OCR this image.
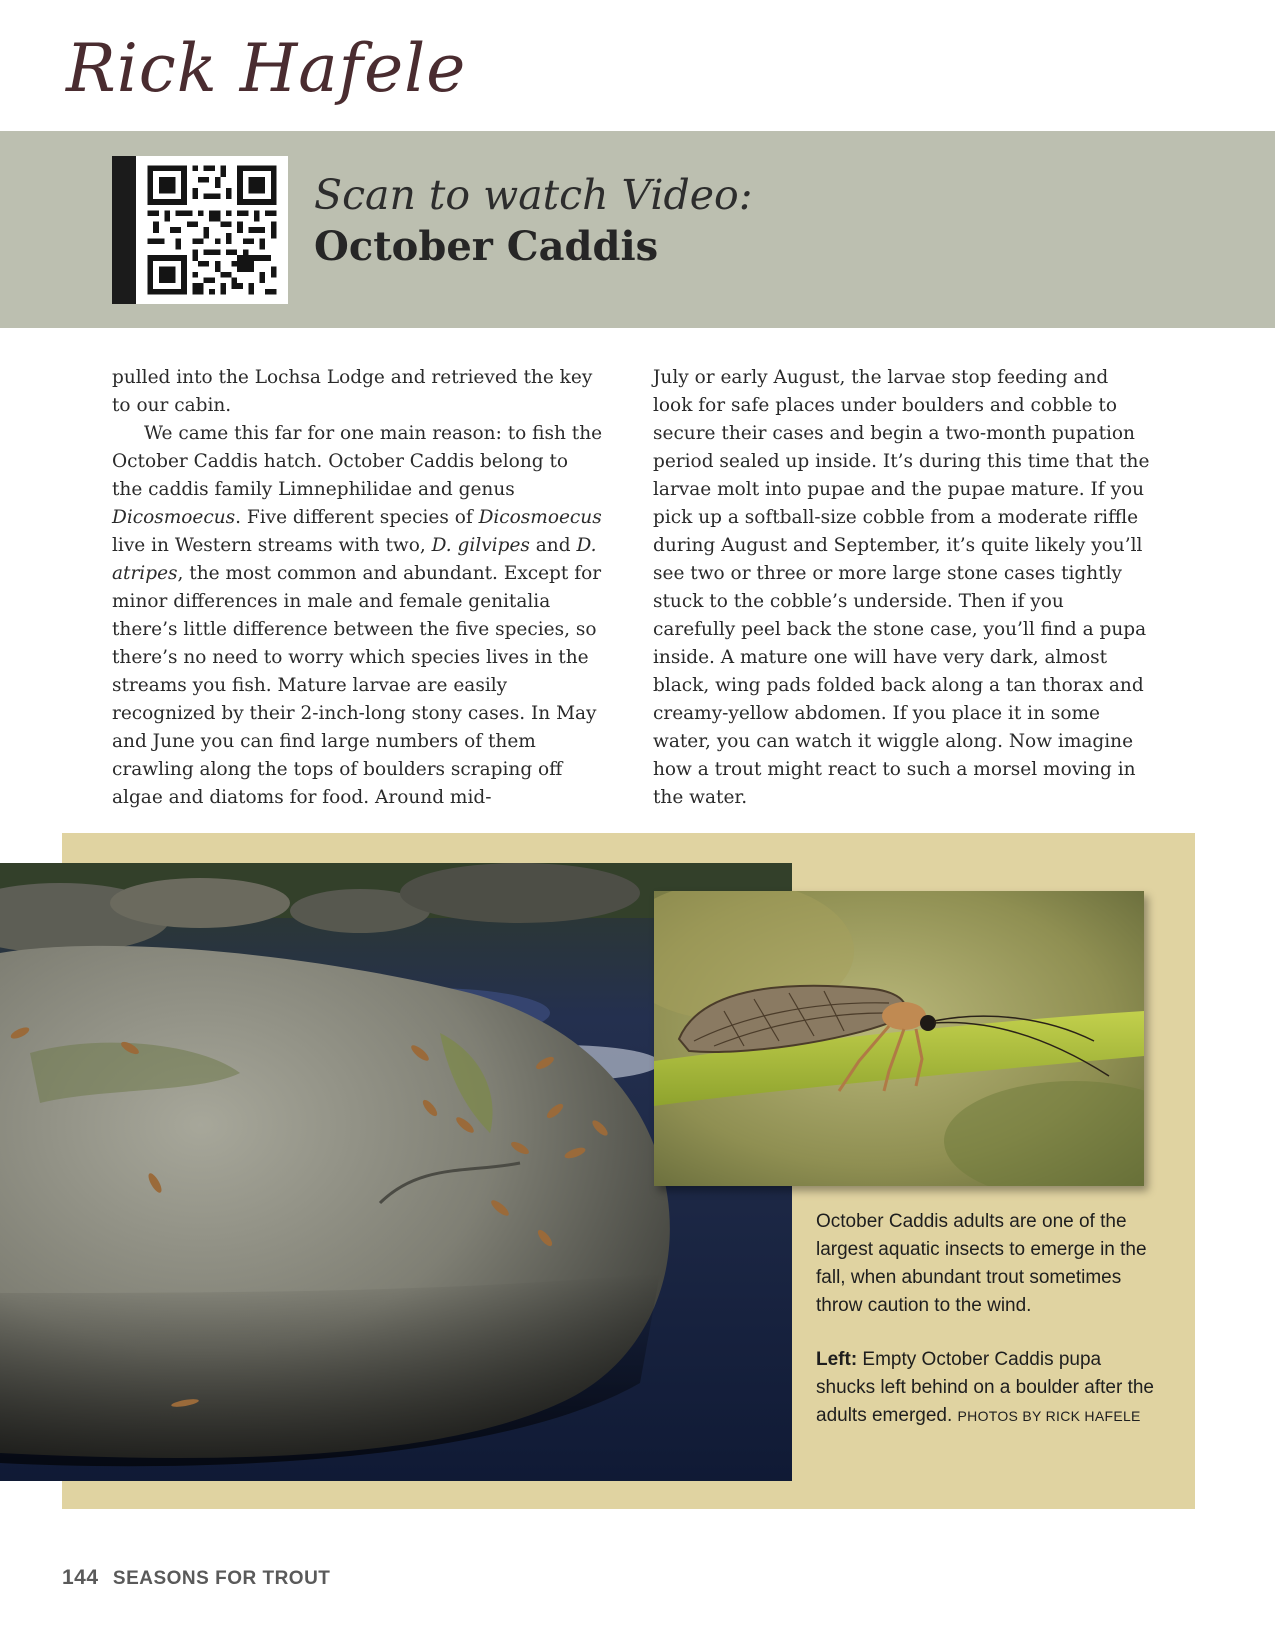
Rick Hafele

Scan to watch Video:

October Caddis

pulled into the Lochsa Lodge and retrieved the key to our cabin.

We came this far for one main reason: to fish the October Caddis hatch. October Caddis belong to the caddis family Limnephilidae and genus Dicosmoecus. Five different species of Dicosmoecus live in Western streams with two, D. gilvipes and D. atripes, the most common and abundant. Except for minor differences in male and female genitalia there’s little difference between the five species, so there’s no need to worry which species lives in the streams you fish. Mature larvae are easily recognized by their 2-inch-long stony cases. In May and June you can find large numbers of them crawling along the tops of boulders scraping off algae and diatoms for food. Around mid-

July or early August, the larvae stop feeding and look for safe places under boulders and cobble to secure their cases and begin a two-month pupation period sealed up inside. It’s during this time that the larvae molt into pupae and the pupae mature. If you pick up a softball-size cobble from a moderate riffle during August and September, it’s quite likely you’ll see two or three or more large stone cases tightly stuck to the cobble’s underside. Then if you carefully peel back the stone case, you’ll find a pupa inside. A mature one will have very dark, almost black, wing pads folded back along a tan thorax and creamy-yellow abdomen. If you place it in some water, you can watch it wiggle along. Now imagine how a trout might react to such a morsel moving in the water.

October Caddis adults are one of the largest aquatic insects to emerge in the fall, when abundant trout sometimes throw caution to the wind.

Left: Empty October Caddis pupa shucks left behind on a boulder after the adults emerged. PHOTOS BY RICK HAFELE

144 SEASONS FOR TROUT
